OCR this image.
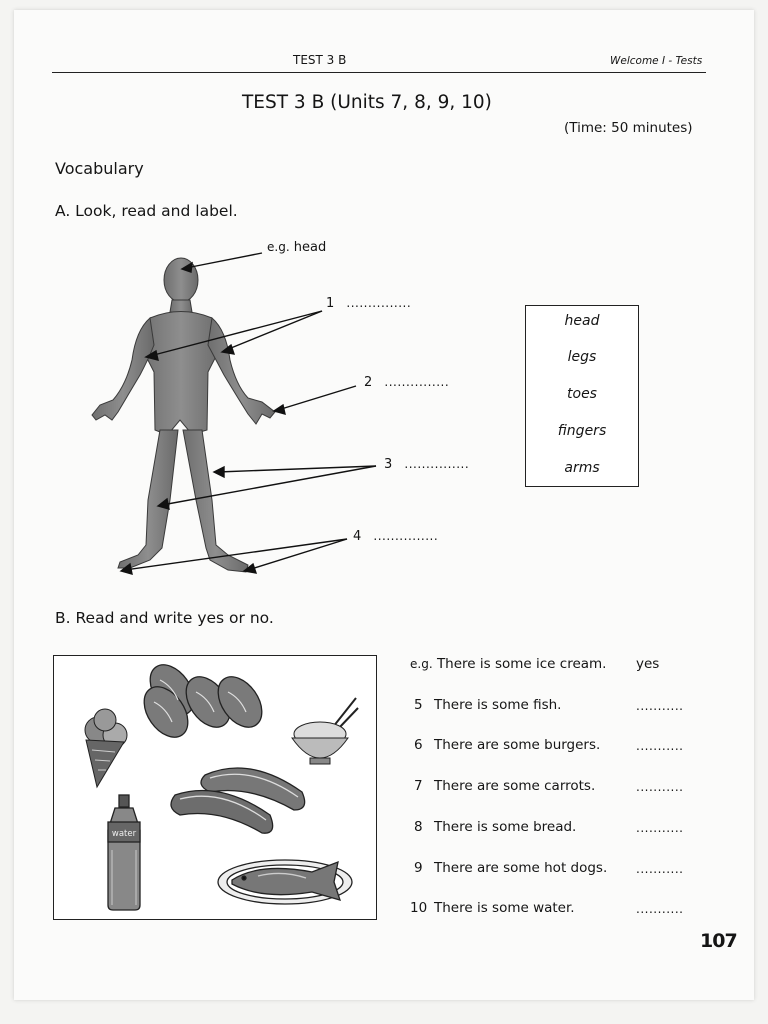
TEST 3 B	Welcome I - Tests
TEST 3 B (Units 7, 8, 9, 10)
(Time: 50 minutes)
Vocabulary
A. Look, read and label.
e.g. head
1 ...............
2 ...............
3 ...............
4 ...............
head
legs
toes
fingers
arms
B. Read and write yes or no.
water
e.g. There is some ice cream. yes
5 There is some fish.	...........
6 There are some burgers.	...........
7 There are some carrots.	...........
8 There is some bread.	...........
9 There are some hot dogs. ...........
10 There is some water.	...........
107
